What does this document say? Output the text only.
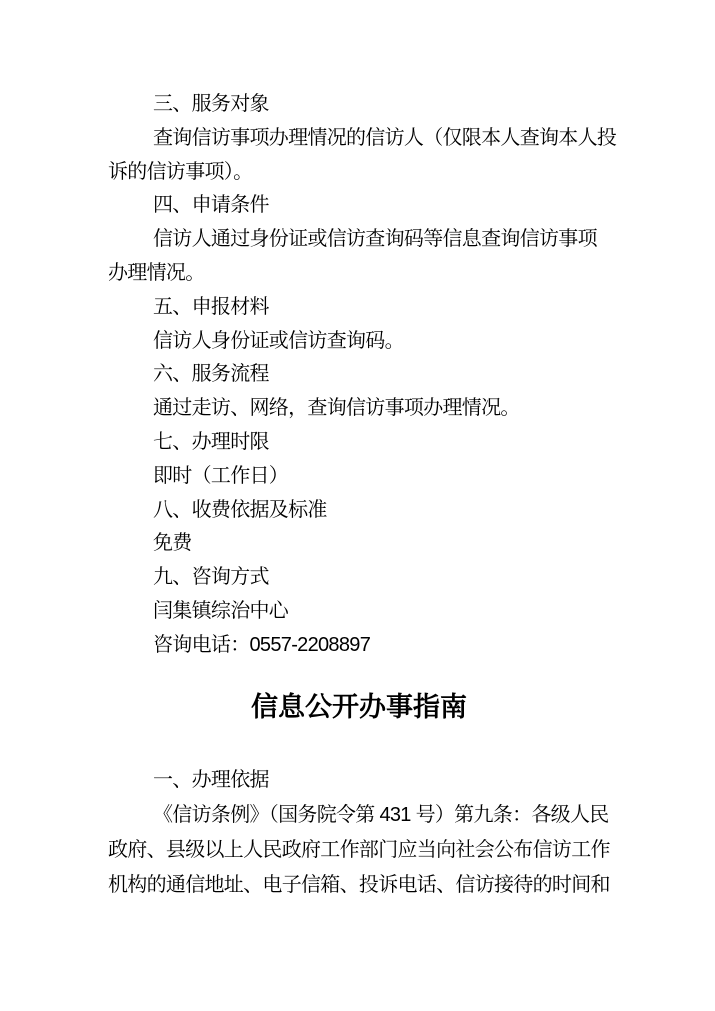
三、服务对象

查询信访事项办理情况的信访人（仅限本人查询本人投

诉的信访事项）。

四、申请条件

信访人通过身份证或信访查询码等信息查询信访事项

办理情况。

五、申报材料

信访人身份证或信访查询码。

六、服务流程

通过走访、网络，查询信访事项办理情况。

七、办理时限

即时（工作日）

八、收费依据及标准

免费

九、咨询方式

闫集镇综治中心

咨询电话：0557-2208897

信息公开办事指南

一、办理依据

《信访条例》（国务院令第 431 号）第九条：各级人民

政府、县级以上人民政府工作部门应当向社会公布信访工作

机构的通信地址、电子信箱、投诉电话、信访接待的时间和
